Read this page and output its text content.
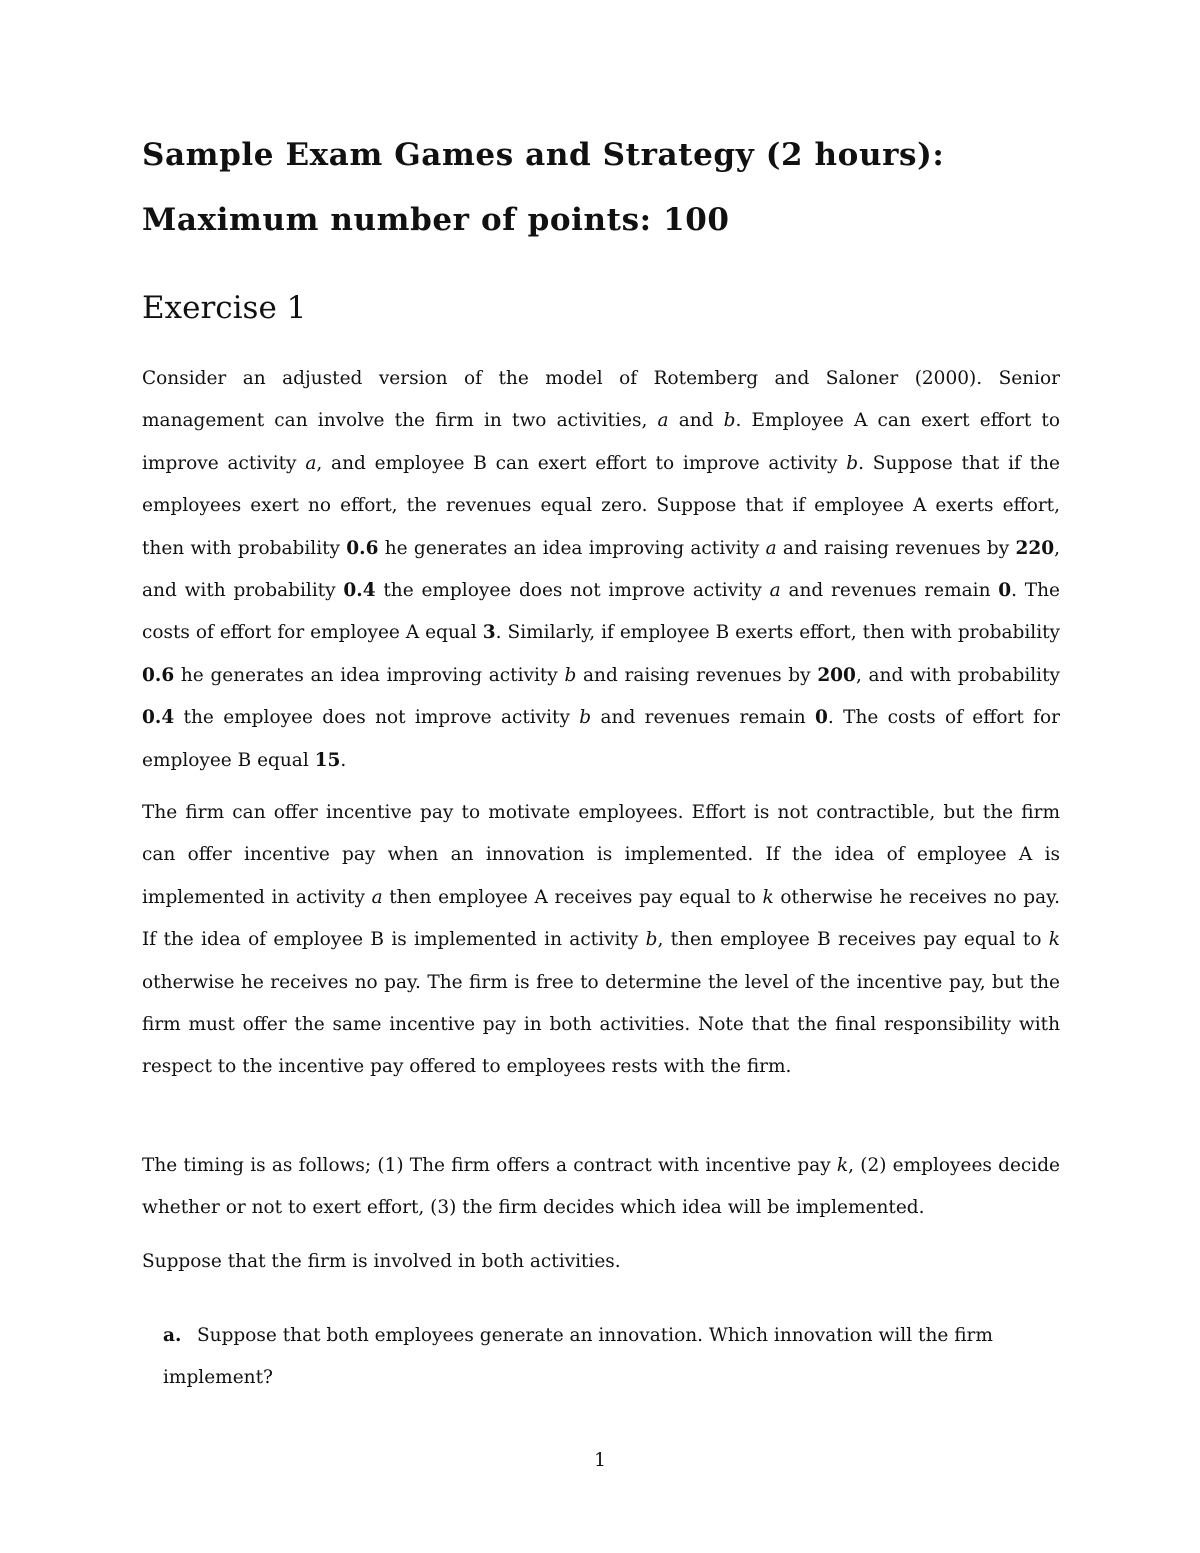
Sample Exam Games and Strategy (2 hours):
Maximum number of points: 100
Exercise 1

Consider an adjusted version of the model of Rotemberg and Saloner (2000). Senior management can involve the firm in two activities, a and b. Employee A can exert effort to improve activity a, and employee B can exert effort to improve activity b. Suppose that if the employees exert no effort, the revenues equal zero. Suppose that if employee A exerts effort, then with probability 0.6 he generates an idea improving activity a and raising revenues by 220, and with probability 0.4 the employee does not improve activity a and revenues remain 0. The costs of effort for employee A equal 3. Similarly, if employee B exerts effort, then with probability 0.6 he generates an idea improving activity b and raising revenues by 200, and with probability 0.4 the employee does not improve activity b and revenues remain 0. The costs of effort for employee B equal 15.

The firm can offer incentive pay to motivate employees. Effort is not contractible, but the firm can offer incentive pay when an innovation is implemented. If the idea of employee A is implemented in activity a then employee A receives pay equal to k otherwise he receives no pay. If the idea of employee B is implemented in activity b, then employee B receives pay equal to k otherwise he receives no pay. The firm is free to determine the level of the incentive pay, but the firm must offer the same incentive pay in both activities. Note that the final responsibility with respect to the incentive pay offered to employees rests with the firm.

The timing is as follows; (1) The firm offers a contract with incentive pay k, (2) employees decide whether or not to exert effort, (3) the firm decides which idea will be implemented.

Suppose that the firm is involved in both activities.

a. Suppose that both employees generate an innovation. Which innovation will the firm implement?
1
